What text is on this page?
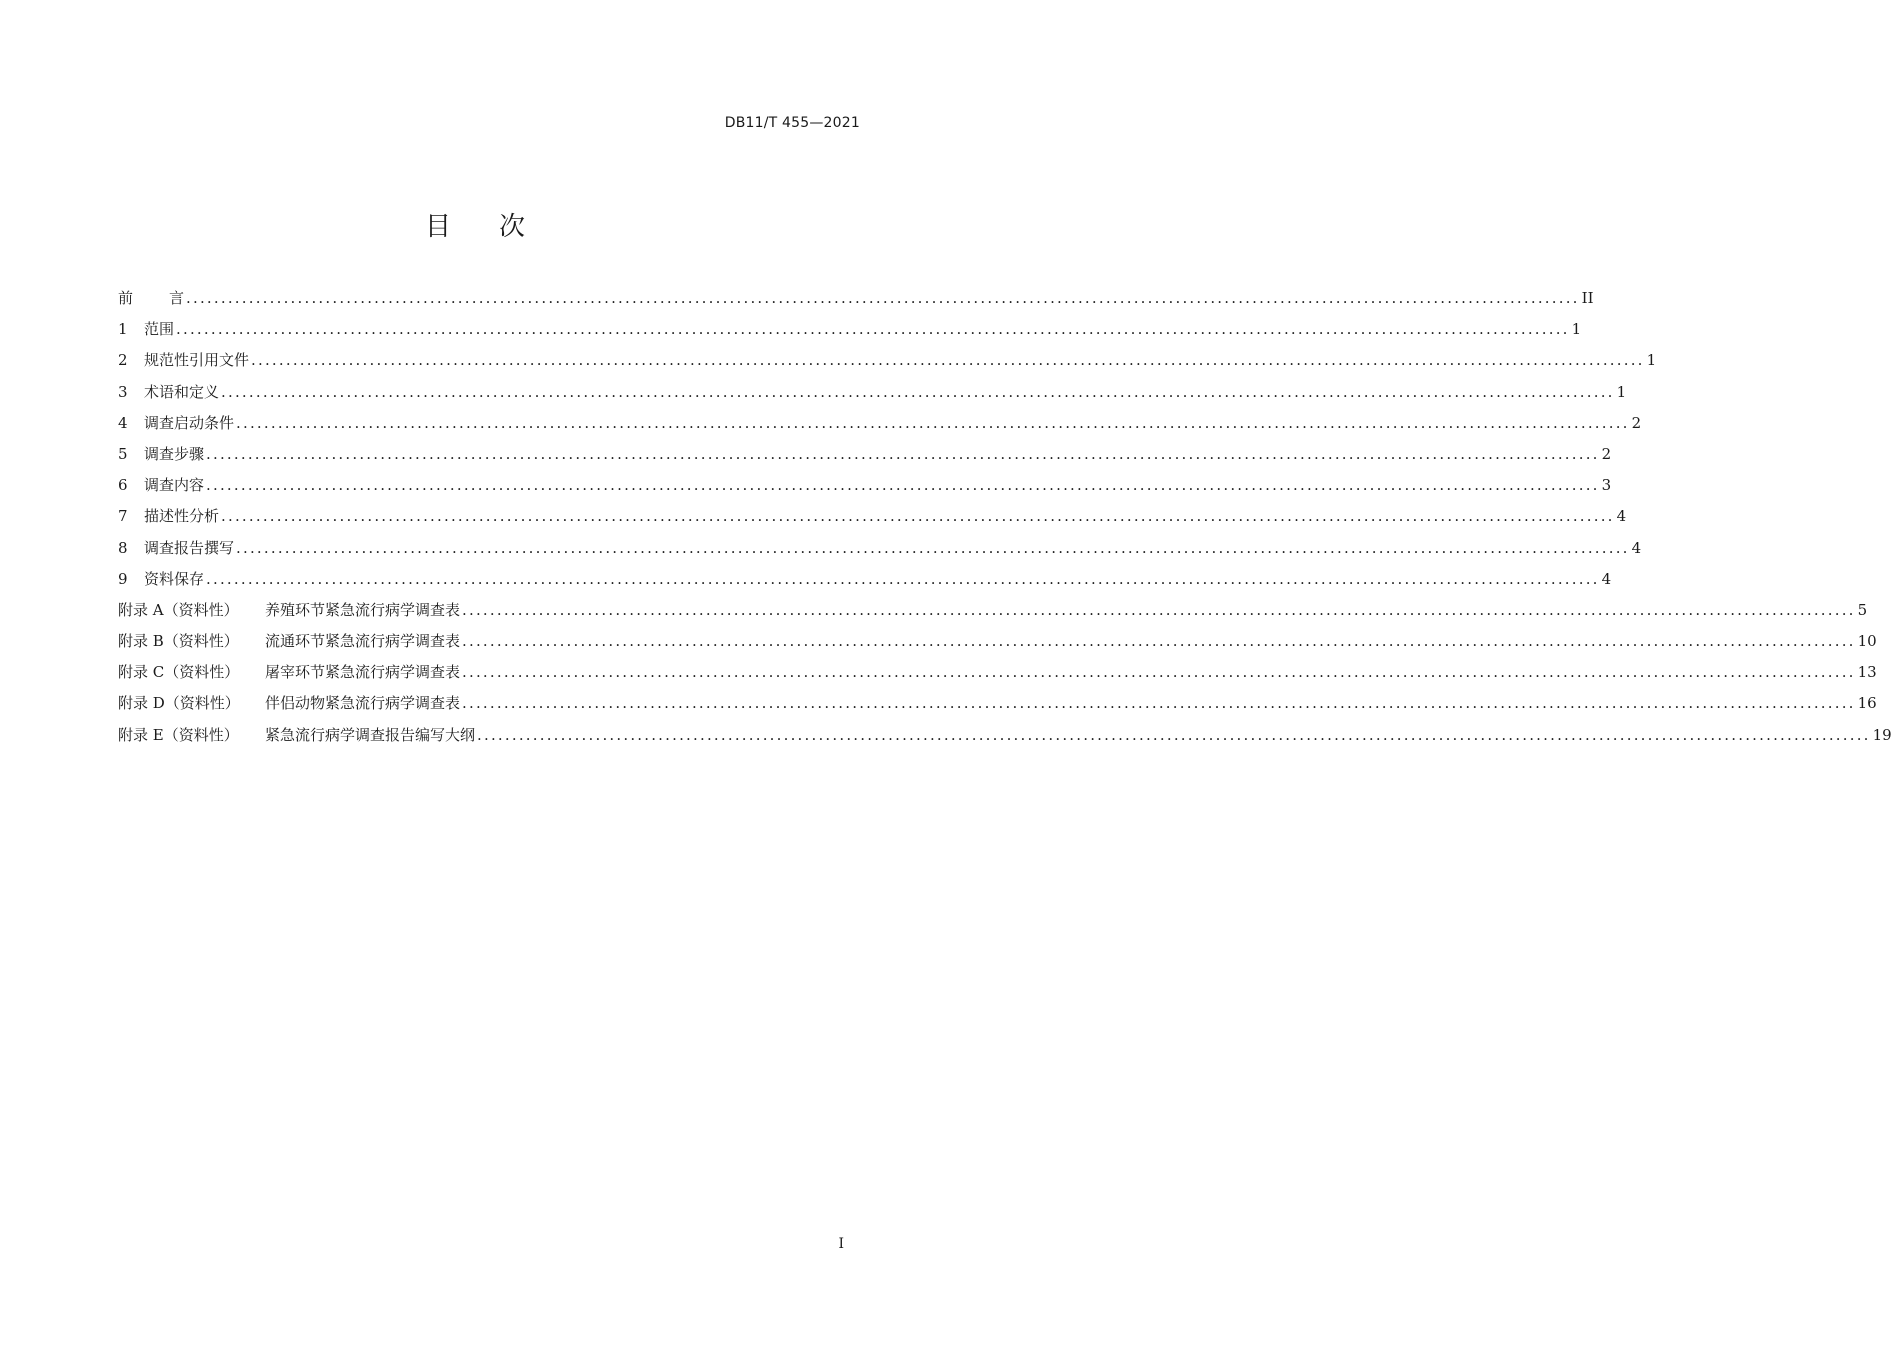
DB11/T 455—2021
目 次
前 言 ........................................................................................................................................................................................................ II
1	范围 ........................................................................................................................................................................................................ 1
2	规范性引用文件 ........................................................................................................................................................................................................ 1
3	术语和定义 ........................................................................................................................................................................................................ 1
4	调查启动条件 ........................................................................................................................................................................................................ 2
5	调查步骤 ........................................................................................................................................................................................................ 2
6	调查内容 ........................................................................................................................................................................................................ 3
7	描述性分析 ........................................................................................................................................................................................................ 4
8	调查报告撰写 ........................................................................................................................................................................................................ 4
9	资料保存 ........................................................................................................................................................................................................ 4
附录 A（资料性）	养殖环节紧急流行病学调查表 ........................................................................................................................................................................................................ 5
附录 B（资料性）	流通环节紧急流行病学调查表 ........................................................................................................................................................................................................ 10
附录 C（资料性）	屠宰环节紧急流行病学调查表 ........................................................................................................................................................................................................ 13
附录 D（资料性）	伴侣动物紧急流行病学调查表 ........................................................................................................................................................................................................ 16
附录 E（资料性）	紧急流行病学调查报告编写大纲 ........................................................................................................................................................................................................ 19
I
